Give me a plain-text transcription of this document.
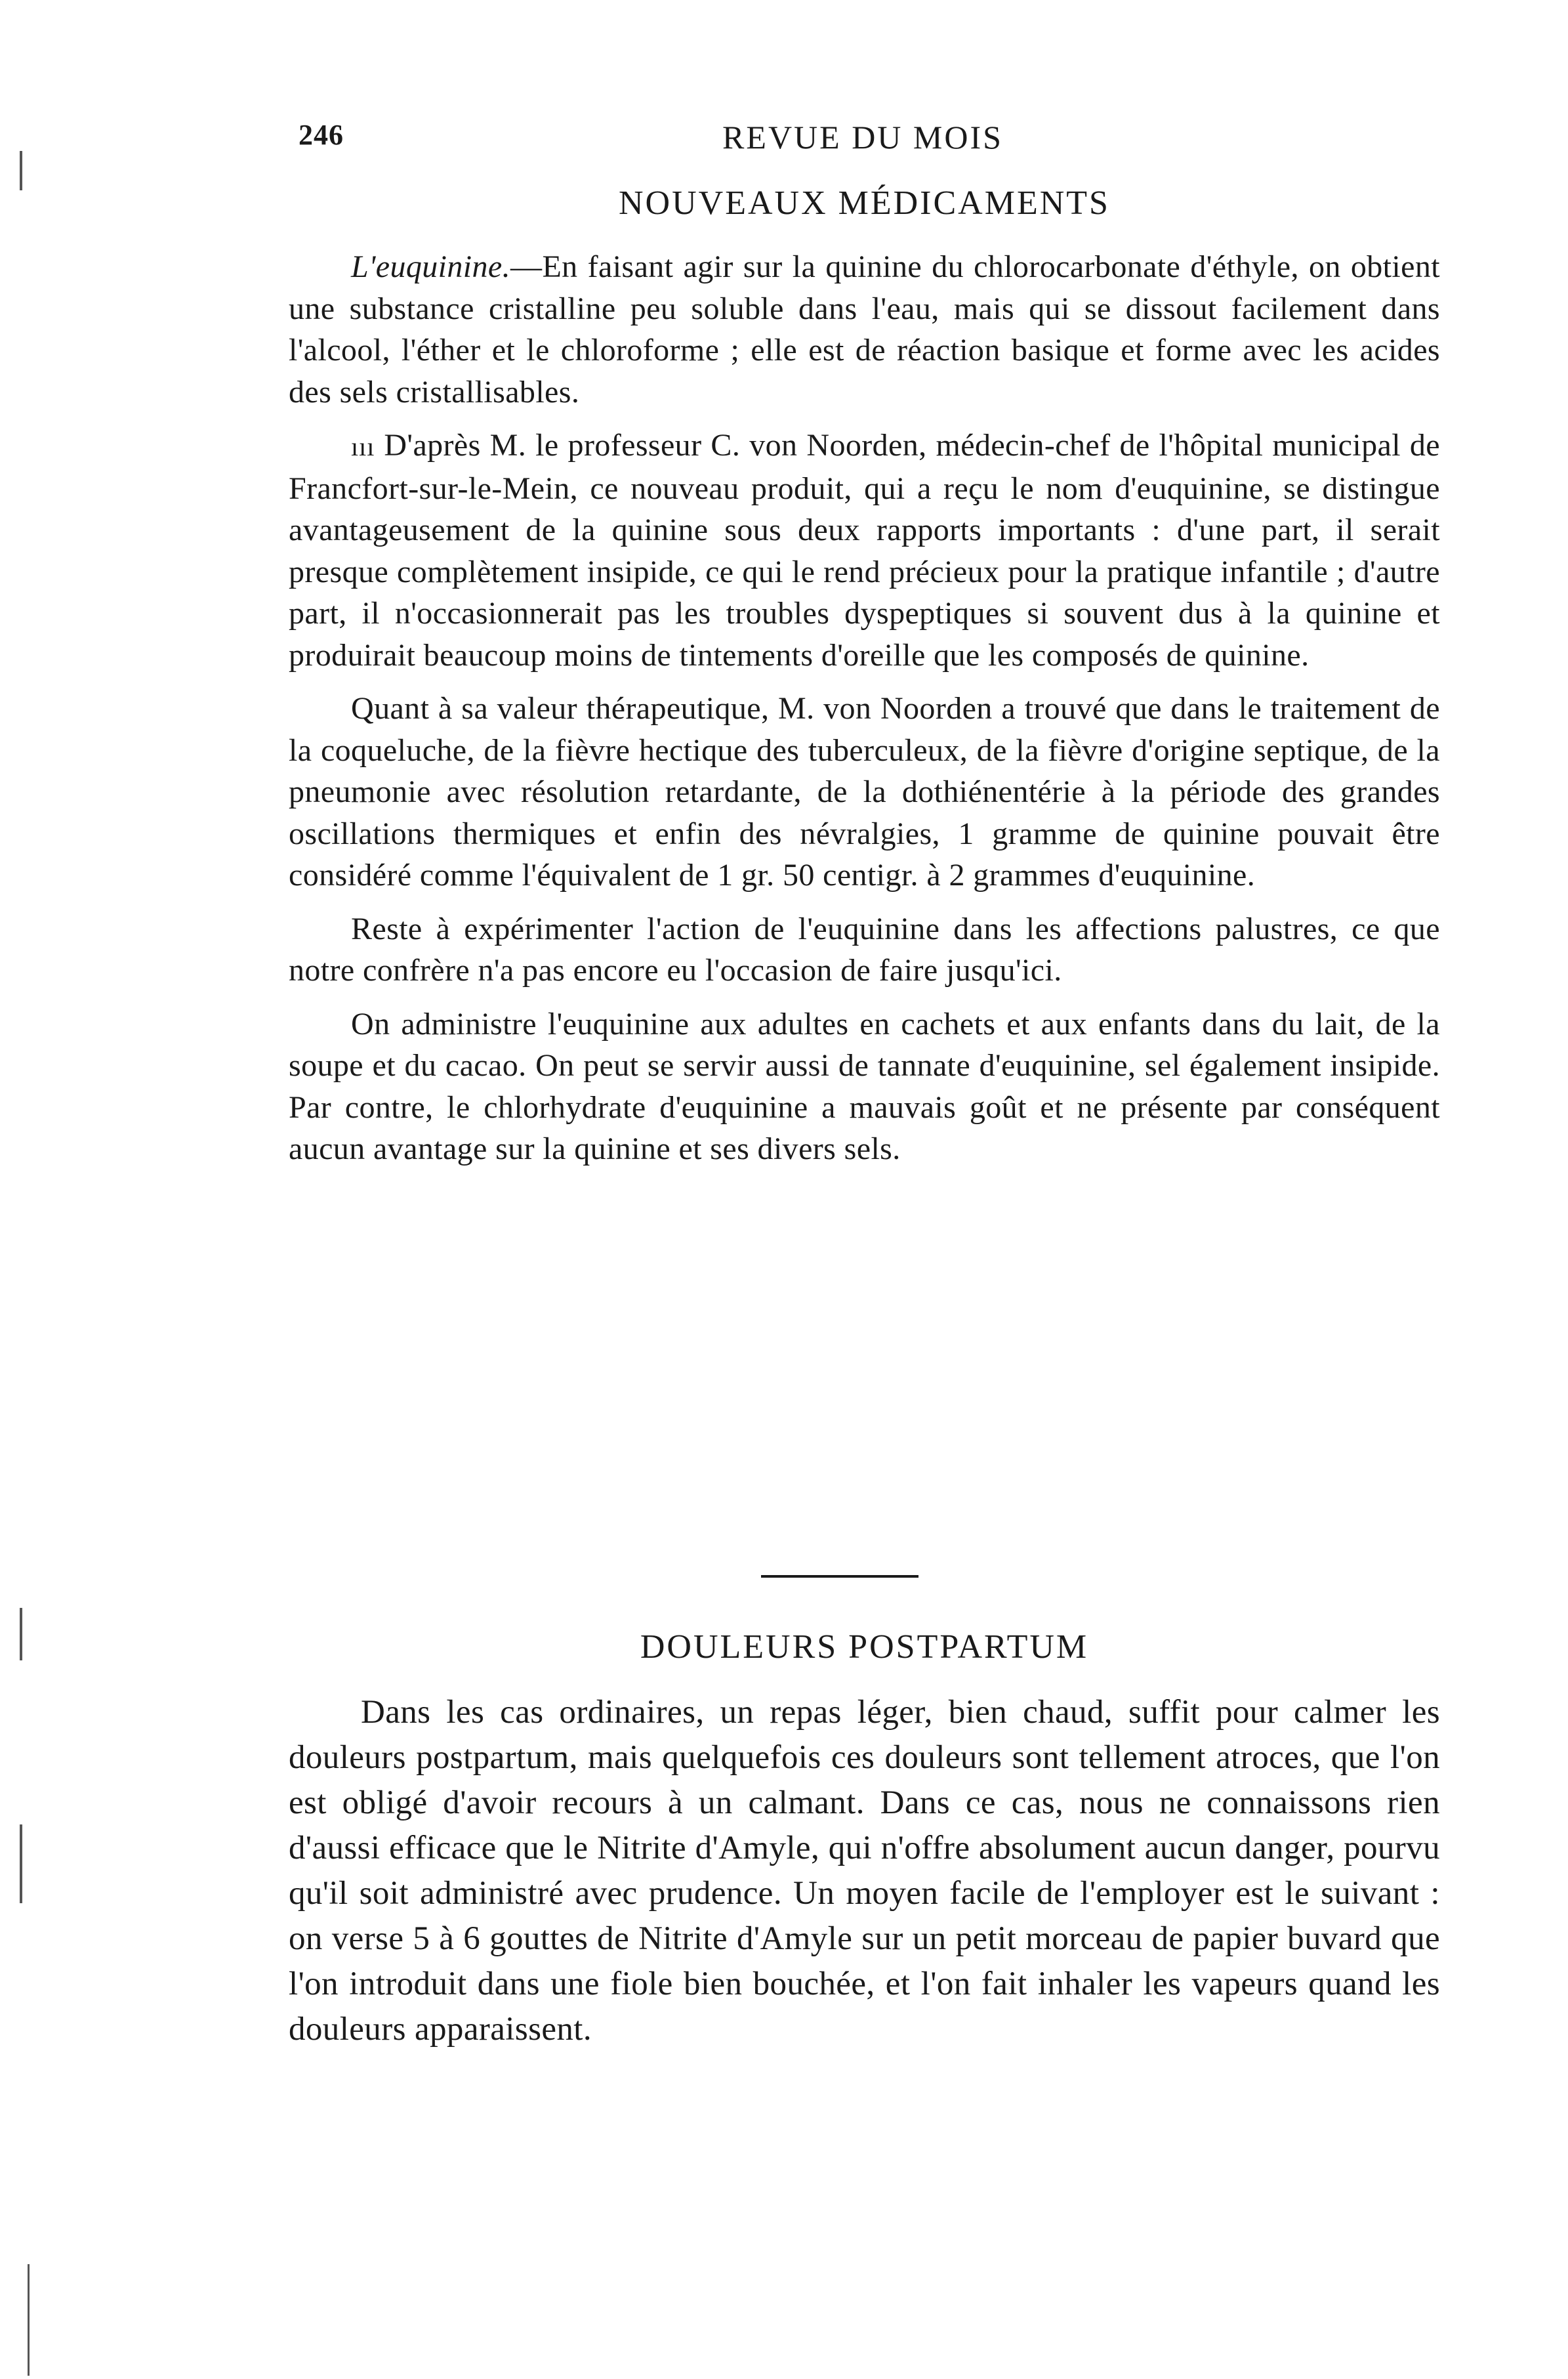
246	REVUE DU MOIS
NOUVEAUX MÉDICAMENTS

L'euquinine.—En faisant agir sur la quinine du chlorocarbonate d'éthyle, on obtient une substance cristalline peu soluble dans l'eau, mais qui se dissout facilement dans l'alcool, l'éther et le chloroforme ; elle est de réaction basique et forme avec les acides des sels cristallisables.

ııı D'après M. le professeur C. von Noorden, médecin-chef de l'hôpital municipal de Francfort-sur-le-Mein, ce nouveau produit, qui a reçu le nom d'euquinine, se distingue avantageusement de la quinine sous deux rapports importants : d'une part, il serait presque complètement insipide, ce qui le rend précieux pour la pratique infantile ; d'autre part, il n'occasionnerait pas les troubles dyspeptiques si souvent dus à la quinine et produirait beaucoup moins de tintements d'oreille que les composés de quinine.

Quant à sa valeur thérapeutique, M. von Noorden a trouvé que dans le traitement de la coqueluche, de la fièvre hectique des tuberculeux, de la fièvre d'origine septique, de la pneumonie avec résolution retardante, de la dothiénentérie à la période des grandes oscillations thermiques et enfin des névralgies, 1 gramme de quinine pouvait être considéré comme l'équivalent de 1 gr. 50 centigr. à 2 grammes d'euquinine.

Reste à expérimenter l'action de l'euquinine dans les affections palustres, ce que notre confrère n'a pas encore eu l'occasion de faire jusqu'ici.

On administre l'euquinine aux adultes en cachets et aux enfants dans du lait, de la soupe et du cacao. On peut se servir aussi de tannate d'euquinine, sel également insipide. Par contre, le chlorhydrate d'euquinine a mauvais goût et ne présente par conséquent aucun avantage sur la quinine et ses divers sels.

DOULEURS POSTPARTUM

Dans les cas ordinaires, un repas léger, bien chaud, suffit pour calmer les douleurs postpartum, mais quelquefois ces douleurs sont tellement atroces, que l'on est obligé d'avoir recours à un calmant. Dans ce cas, nous ne connaissons rien d'aussi efficace que le Nitrite d'Amyle, qui n'offre absolument aucun danger, pourvu qu'il soit administré avec prudence. Un moyen facile de l'employer est le suivant : on verse 5 à 6 gouttes de Nitrite d'Amyle sur un petit morceau de papier buvard que l'on introduit dans une fiole bien bouchée, et l'on fait inhaler les vapeurs quand les douleurs apparaissent.
